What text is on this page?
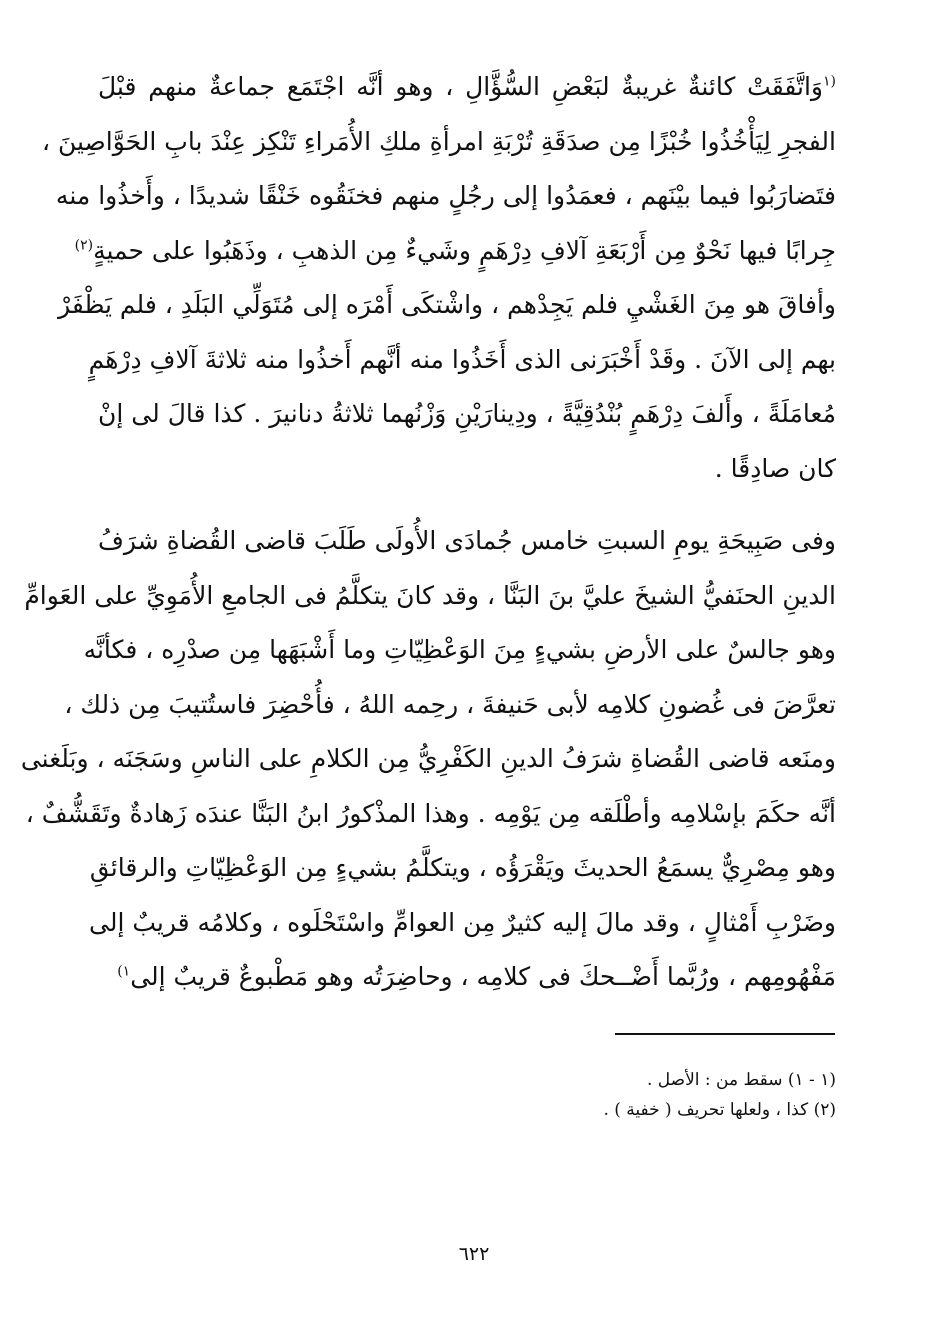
$^{(١}$وَاتَّفَقَتْ كائنةٌ غريبةٌ لبَعْضِ السُّؤَّالِ ، وهو أنَّه اجْتَمَع جماعةٌ منهم قبْلَ
الفجرِ لِيَأْخُذُوا خُبْزًا مِن صدَقَةِ تُرْبَةِ امرأةِ ملكِ الأُمَراءِ تَنْكِز عِنْدَ بابِ الحَوَّاصِينَ ،
فتَضارَبُوا فيما بيْنَهم ، فعمَدُوا إلى رجُلٍ منهم فخنَقُوه خَنْقًا شديدًا ، وأَخذُوا منه
جِرابًا فيها نَحْوٌ مِن أَرْبَعَةِ آلافِ دِرْهَمٍ وشَيءٌ مِن الذهبِ ، وذَهَبُوا على حميةٍ$^{(٢)}$
وأفاقَ هو مِنَ الغَشْيِ فلم يَجِدْهم ، واشْتكَى أَمْرَه إلى مُتَوَلِّي البَلَدِ ، فلم يَظْفَرْ
بهم إلى الآنَ . وقَدْ أَخْبَرَنى الذى أَخَذُوا منه أنَّهم أَخذُوا منه ثلاثةَ آلافِ دِرْهَمٍ
مُعامَلَةً ، وأَلفَ دِرْهَمٍ بُنْدُقِيَّةً ، ودِينارَيْنِ وَزْنُهما ثلاثةُ دنانيرَ . كذا قالَ لى إنْ
كان صادِقًا .

وفى صَبِيحَةِ يومِ السبتِ خامس جُمادَى الأُولَى طَلَبَ قاضى القُضاةِ شرَفُ
الدينِ الحنَفيُّ الشيخَ عليَّ بنَ البَنَّا ، وقد كانَ يتكلَّمُ فى الجامعِ الأُمَوِيِّ على العَوامِّ
وهو جالسٌ على الأرضِ بشيءٍ مِنَ الوَعْظِيّاتِ وما أَشْبَهَها مِن صدْرِه ، فكأنَّه
تعرَّضَ فى غُضونِ كلامِه لأبى حَنيفةَ ، رحِمه اللهُ ، فأُحْضِرَ فاستُتيبَ مِن ذلك ،
ومنَعه قاضى القُضاةِ شرَفُ الدينِ الكَفْرِيُّ مِن الكلامِ على الناسِ وسَجَنَه ، وبَلَغنى
أنَّه حكَمَ بإسْلامِه وأطْلَقه مِن يَوْمِه . وهذا المذْكورُ ابنُ البَنَّا عندَه زَهادةٌ وتَقَشُّفٌ ،
وهو مِصْرِيٌّ يسمَعُ الحديثَ ويَقْرَؤُه ، ويتكلَّمُ بشيءٍ مِن الوَعْظِيّاتِ والرقائقِ
وضَرْبِ أَمْثالٍ ، وقد مالَ إليه كثيرٌ مِن العوامِّ واسْتَحْلَوه ، وكلامُه قريبٌ إلى
مَفْهُومِهم ، ورُبَّما أَضْــحكَ فى كلامِه ، وحاضِرَتُه وهو مَطْبوعٌ قريبٌ إلى$^{١)}$

(١ - ١) سقط من : الأصل .
(٢) كذا ، ولعلها تحريف ( خفية ) .
٦٢٢
